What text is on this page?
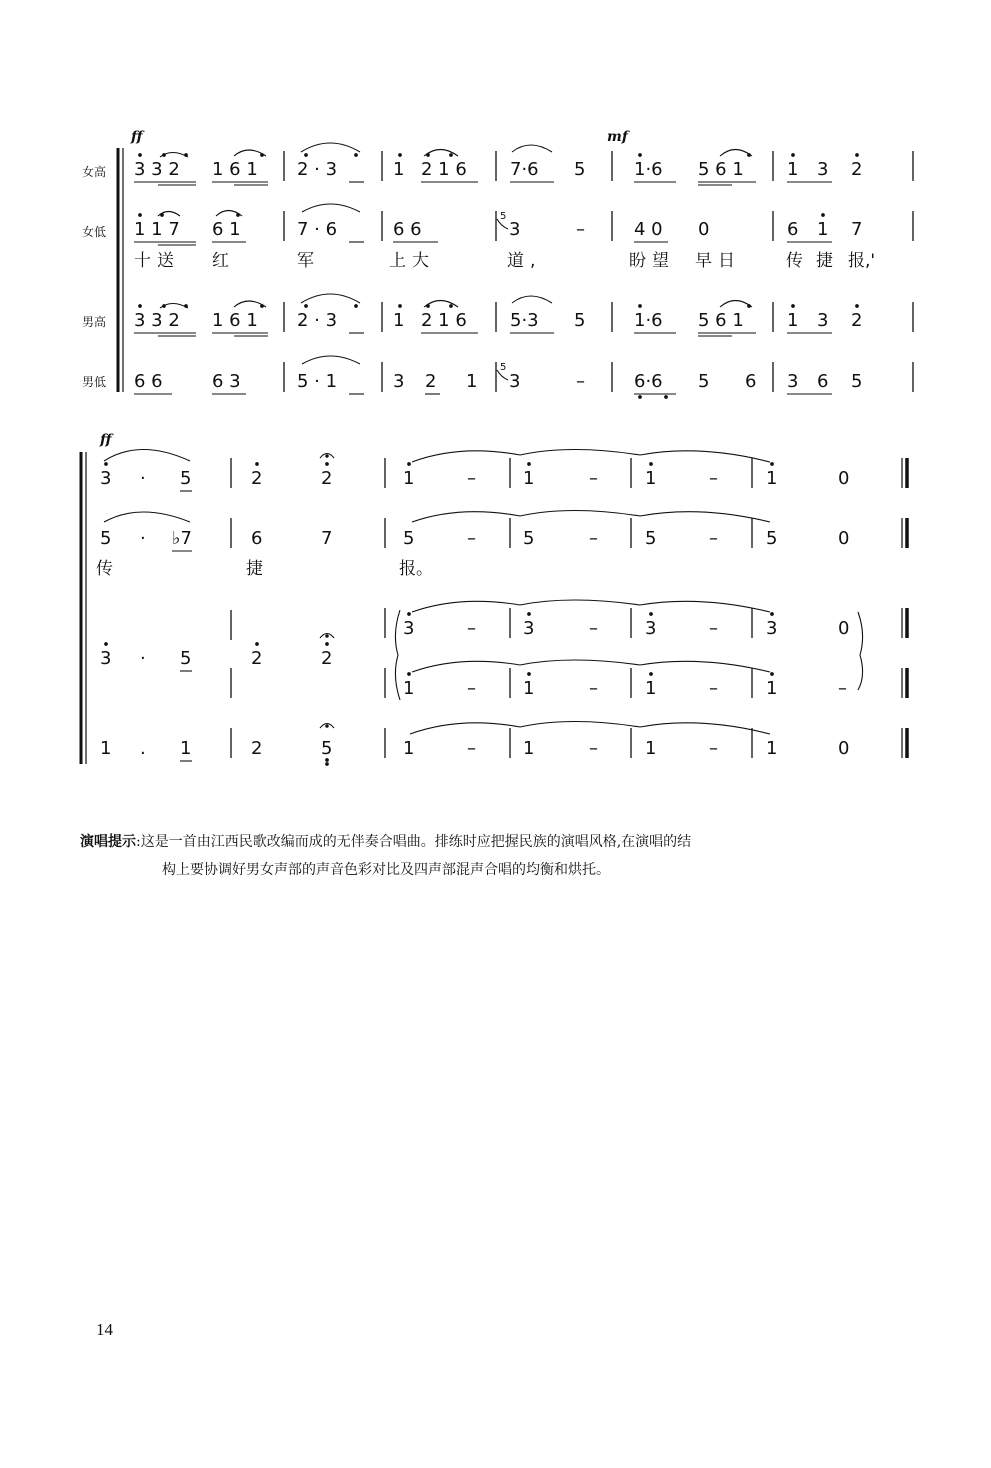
女高
女低
男高
男低
ff	mf
3 3 2 1 6 1 2 · 3	1 2 1 6 7·6 5	1·6 5 6 1 1 3 2
1 1 7 6 1	7 · 6	6 6	3	–	4 0 0	6 1 7
5
十送 红	军	上大	道,	盼望 早日	传 捷 报,'
3 3 2 1 6 1 2 · 3	1 2 1 6 5·3 5	1·6 5 6 1 1 3 2
6 6	6 3	5 · 1	3 2 1 3	–	6·6 5 6 3 6 5
5
ff
3 · 5	2	2	1	–	1	–	1	–	1	0
5 · ♭7	6	7	5	–	5	–	5	–	5	0
传	捷	报。
3 · 5	2	2
3	–	3	–	3	–	3	0
1	–	1	–	1	–	1	–
1 . 1	2	5	1	–	1	–	1	–	1	0
演唱提示:这是一首由江西民歌改编而成的无伴奏合唱曲。排练时应把握民族的演唱风格,在演唱的结
构上要协调好男女声部的声音色彩对比及四声部混声合唱的均衡和烘托。
14
